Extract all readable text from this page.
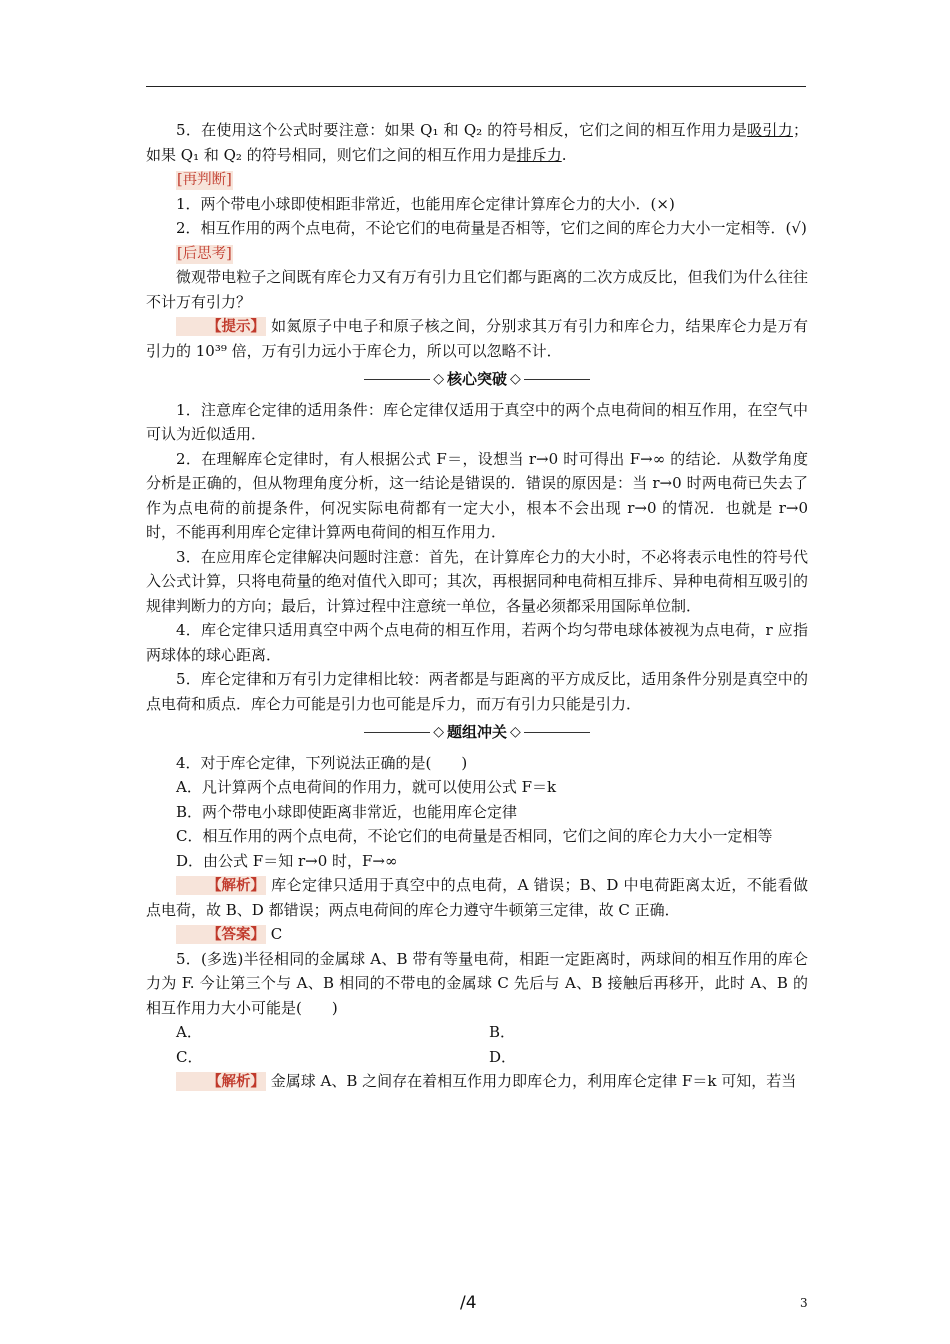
5．在使用这个公式时要注意：如果 Q₁ 和 Q₂ 的符号相反，它们之间的相互作用力是吸引力；如果 Q₁ 和 Q₂ 的符号相同，则它们之间的相互作用力是排斥力.

[再判断]

1．两个带电小球即使相距非常近，也能用库仑定律计算库仑力的大小．(×)

2．相互作用的两个点电荷，不论它们的电荷量是否相等，它们之间的库仑力大小一定相等．(√)

[后思考]

微观带电粒子之间既有库仑力又有万有引力且它们都与距离的二次方成反比，但我们为什么往往不计万有引力？

【提示】 如氮原子中电子和原子核之间，分别求其万有引力和库仑力，结果库仑力是万有引力的 10³⁹ 倍，万有引力远小于库仑力，所以可以忽略不计．

◇ 核心突破 ◇

1．注意库仑定律的适用条件：库仑定律仅适用于真空中的两个点电荷间的相互作用，在空气中可认为近似适用．

2．在理解库仑定律时，有人根据公式 F＝，设想当 r→0 时可得出 F→∞ 的结论．从数学角度分析是正确的，但从物理角度分析，这一结论是错误的．错误的原因是：当 r→0 时两电荷已失去了作为点电荷的前提条件，何况实际电荷都有一定大小，根本不会出现 r→0 的情况．也就是 r→0 时，不能再利用库仑定律计算两电荷间的相互作用力．

3．在应用库仑定律解决问题时注意：首先，在计算库仑力的大小时，不必将表示电性的符号代入公式计算，只将电荷量的绝对值代入即可；其次，再根据同种电荷相互排斥、异种电荷相互吸引的规律判断力的方向；最后，计算过程中注意统一单位，各量必须都采用国际单位制．

4．库仑定律只适用真空中两个点电荷的相互作用，若两个均匀带电球体被视为点电荷，r 应指两球体的球心距离．

5．库仑定律和万有引力定律相比较：两者都是与距离的平方成反比，适用条件分别是真空中的点电荷和质点．库仑力可能是引力也可能是斥力，而万有引力只能是引力．

◇ 题组冲关 ◇

4．对于库仑定律，下列说法正确的是(　　)

A．凡计算两个点电荷间的作用力，就可以使用公式 F＝k

B．两个带电小球即使距离非常近，也能用库仑定律

C．相互作用的两个点电荷，不论它们的电荷量是否相同，它们之间的库仑力大小一定相等

D．由公式 F＝知 r→0 时，F→∞

【解析】 库仑定律只适用于真空中的点电荷，A 错误；B、D 中电荷距离太近，不能看做点电荷，故 B、D 都错误；两点电荷间的库仑力遵守牛顿第三定律，故 C 正确．

【答案】 C

5．(多选)半径相同的金属球 A、B 带有等量电荷，相距一定距离时，两球间的相互作用的库仑力为 F. 今让第三个与 A、B 相同的不带电的金属球 C 先后与 A、B 接触后再移开，此时 A、B 的相互作用力大小可能是(　　)

A．	B．
C．	D．

【解析】 金属球 A、B 之间存在着相互作用力即库仑力，利用库仑定律 F＝k 可知，若当

/4	3
